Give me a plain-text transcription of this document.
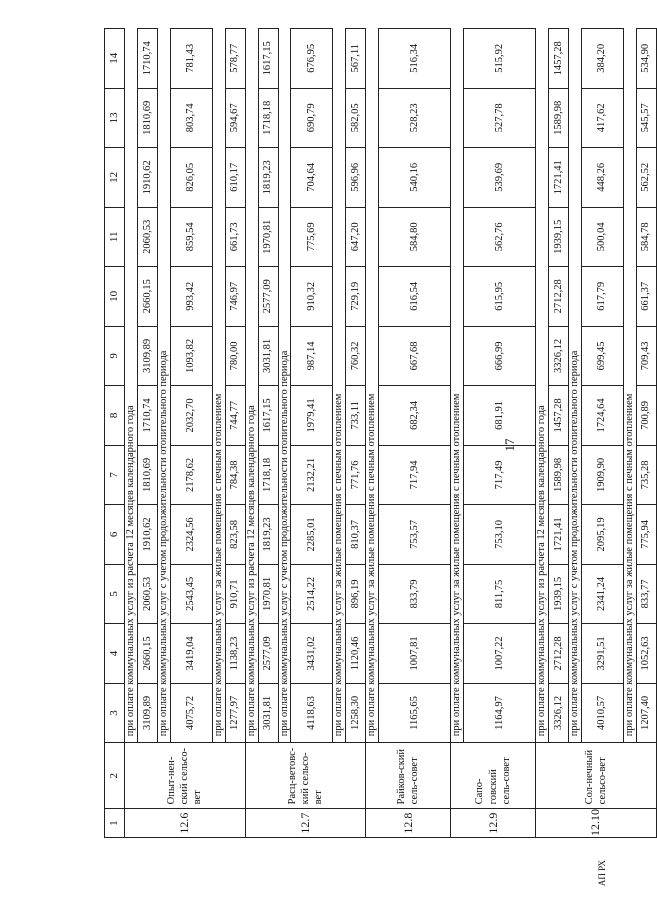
17
АП РХ
1	2	3	4	5	6	7	8	9	10	11	12	13	14
12.6	Опыт-нен-ский сельсо-вет	при оплате коммунальных услуг из расчета 12 месяцев календарного года											
		3109,89	2660,15	2060,53	1910,62	1810,69	1710,74	3109,89	2660,15	2060,53	1910,62	1810,69	1710,74
		при оплате коммунальных услуг с учетом продолжительности отопительного периода											
		4075,72	3419,04	2543,45	2324,56	2178,62	2032,70	1093,82	993,42	859,54	826,05	803,74	781,43
		при оплате коммунальных услуг за жилые помещения с печным отоплением											
		1277,97	1138,23	910,71	823,58	784,38	744,77	780,00	746,97	661,73	610,17	594,67	578,77
12.7	Расц-ветовс-кий сельсо-вет	при оплате коммунальных услуг из расчета 12 месяцев календарного года											
		3031,81	2577,09	1970,81	1819,23	1718,18	1617,15	3031,81	2577,09	1970,81	1819,23	1718,18	1617,15
		при оплате коммунальных услуг с учетом продолжительности отопительного периода											
		4118,63	3431,02	2514,22	2285,01	2132,21	1979,41	987,14	910,32	775,69	704,64	690,79	676,95
		при оплате коммунальных услуг за жилые помещения с печным отоплением											
		1258,30	1120,46	896,19	810,37	771,76	733,11	760,32	729,19	647,20	596,96	582,05	567,11
12.8	Райков-ский сель-совет	при оплате коммунальных услуг за жилые помещения с печным отоплением											
		1165,65	1007,81	833,79	753,57	717,94	682,34	667,68	616,54	584,80	540,16	528,23	516,34
12.9	Сапо-говский сель-совет	при оплате коммунальных услуг за жилые помещения с печным отоплением											
		1164,97	1007,22	811,75	753,10	717,49	681,91	666,99	615,95	562,76	539,69	527,78	515,92
12.10	Сол-нечный сельсо-вет	при оплате коммунальных услуг из расчета 12 месяцев календарного года											
		3326,12	2712,28	1939,15	1721,41	1589,98	1457,28	3326,12	2712,28	1939,15	1721,41	1589,98	1457,28
		при оплате коммунальных услуг с учетом продолжительности отопительного периода											
		4010,57	3291,51	2341,24	2095,19	1909,90	1724,64	699,45	617,79	500,04	448,26	417,62	384,20
		при оплате коммунальных услуг за жилые помещения с печным отоплением											
		1207,40	1052,63	833,77	775,94	735,28	700,89	709,43	661,37	584,78	562,52	545,57	534,90
